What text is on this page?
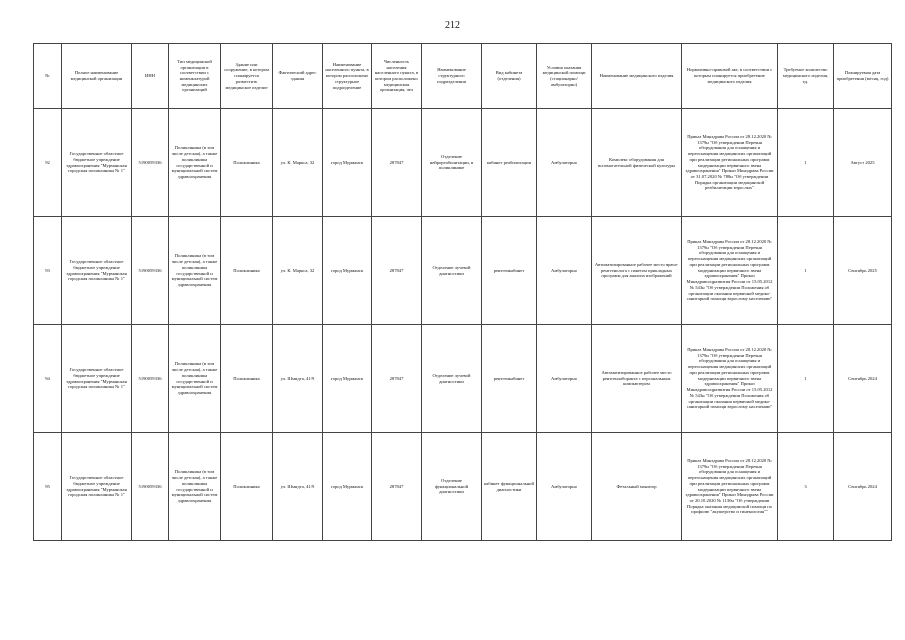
212
№	Полное наименование медицинской организации	ИНН	Тип медицинской организации в соответствии с номенклатурой медицинских организаций	Здание или сооружение, в котором планируется разместить медицинское изделие	Фактический адрес здания	Наименование населенного пункта, в котором расположено структурное подразделение	Численность населения населенного пункта, в котором расположено медицинская организация, чел	Наименование структурного подразделения	Вид кабинета (отделения)	Условия оказания медицинской помощи (стационарно/амбулаторно)	Наименование медицинского изделия	Нормативно-правовой акт, в соответствии с которым планируется приобретение медицинского изделия	Требуемое количество медицинского изделия, ед.	Планируемая дата приобретения (месяц, год)
92	Государственное областное бюджетное учреждение здравоохранения "Мурманская городская поликлиника № 1"	5190059336	Поликлиника (в том числе детская), а также поликлиника государственной и муниципальной систем здравоохранения	Поликлиника	ул. К. Маркса, 32	город Мурманск	287847	Отделение нейрореабилитации, в поликлинике	кабинет реабилитации	Амбулаторно	Комплекс оборудования для вспомогательной физической культуры	Приказ Минздрава России от 28.12.2020 № 1379н "Об утверждении Перечня оборудования для оснащения и переоснащения медицинских организаций при реализации региональных программ модернизации первичного звена здравоохранения" Приказ Минздрава России от 31.07.2020 № 788н "Об утверждении Порядка организации медицинской реабилитации взрослых"	1	Август 2025
93	Государственное областное бюджетное учреждение здравоохранения "Мурманская городская поликлиника № 1"	5190059336	Поликлиника (в том числе детская), а также поликлиника государственной и муниципальной систем здравоохранения	Поликлиника	ул. К. Маркса, 32	город Мурманск	287847	Отделение лучевой диагностики	рентгенкабинет	Амбулаторно	Автоматизированное рабочее место врача-рентгенолога с пакетом прикладных программ для анализа изображений	Приказ Минздрава России от 28.12.2020 № 1379н "Об утверждении Перечня оборудования для оснащения и переоснащения медицинских организаций при реализации региональных программ модернизации первичного звена здравоохранения" Приказ Минздравсоцразвития России от 15.05.2012 № 543н "Об утверждении Положения об организации оказания первичной медико-санитарной помощи взрослому населению"	1	Сентябрь 2025
94	Государственное областное бюджетное учреждение здравоохранения "Мурманская городская поликлиника № 1"	5190059336	Поликлиника (в том числе детская), а также поликлиника государственной и муниципальной систем здравоохранения	Поликлиника	ул. Шмидта, 41/9	город Мурманск	287847	Отделение лучевой диагностики	рентгенкабинет	Амбулаторно	Автоматизированное рабочее место рентгенлаборанта с персональным компьютером	Приказ Минздрава России от 28.12.2020 № 1379н "Об утверждении Перечня оборудования для оснащения и переоснащения медицинских организаций при реализации региональных программ модернизации первичного звена здравоохранения" Приказ Минздравсоцразвития России от 15.05.2012 № 543н "Об утверждении Положения об организации оказания первичной медико-санитарной помощи взрослому населению"	1	Сентябрь 2024
95	Государственное областное бюджетное учреждение здравоохранения "Мурманская городская поликлиника № 1"	5190059336	Поликлиника (в том числе детская), а также поликлиника государственной и муниципальной систем здравоохранения	Поликлиника	ул. Шмидта, 41/9	город Мурманск	287847	Отделение функциональной диагностики	кабинет функциональной диагностики	Амбулаторно	Фетальный монитор	Приказ Минздрава России от 28.12.2020 № 1379н "Об утверждении Перечня оборудования для оснащения и переоснащения медицинских организаций при реализации региональных программ модернизации первичного звена здравоохранения" Приказ Минздрава России от 20.10.2020 № 1130н "Об утверждении Порядка оказания медицинской помощи по профилю "акушерство и гинекология""	3	Сентябрь 2024
